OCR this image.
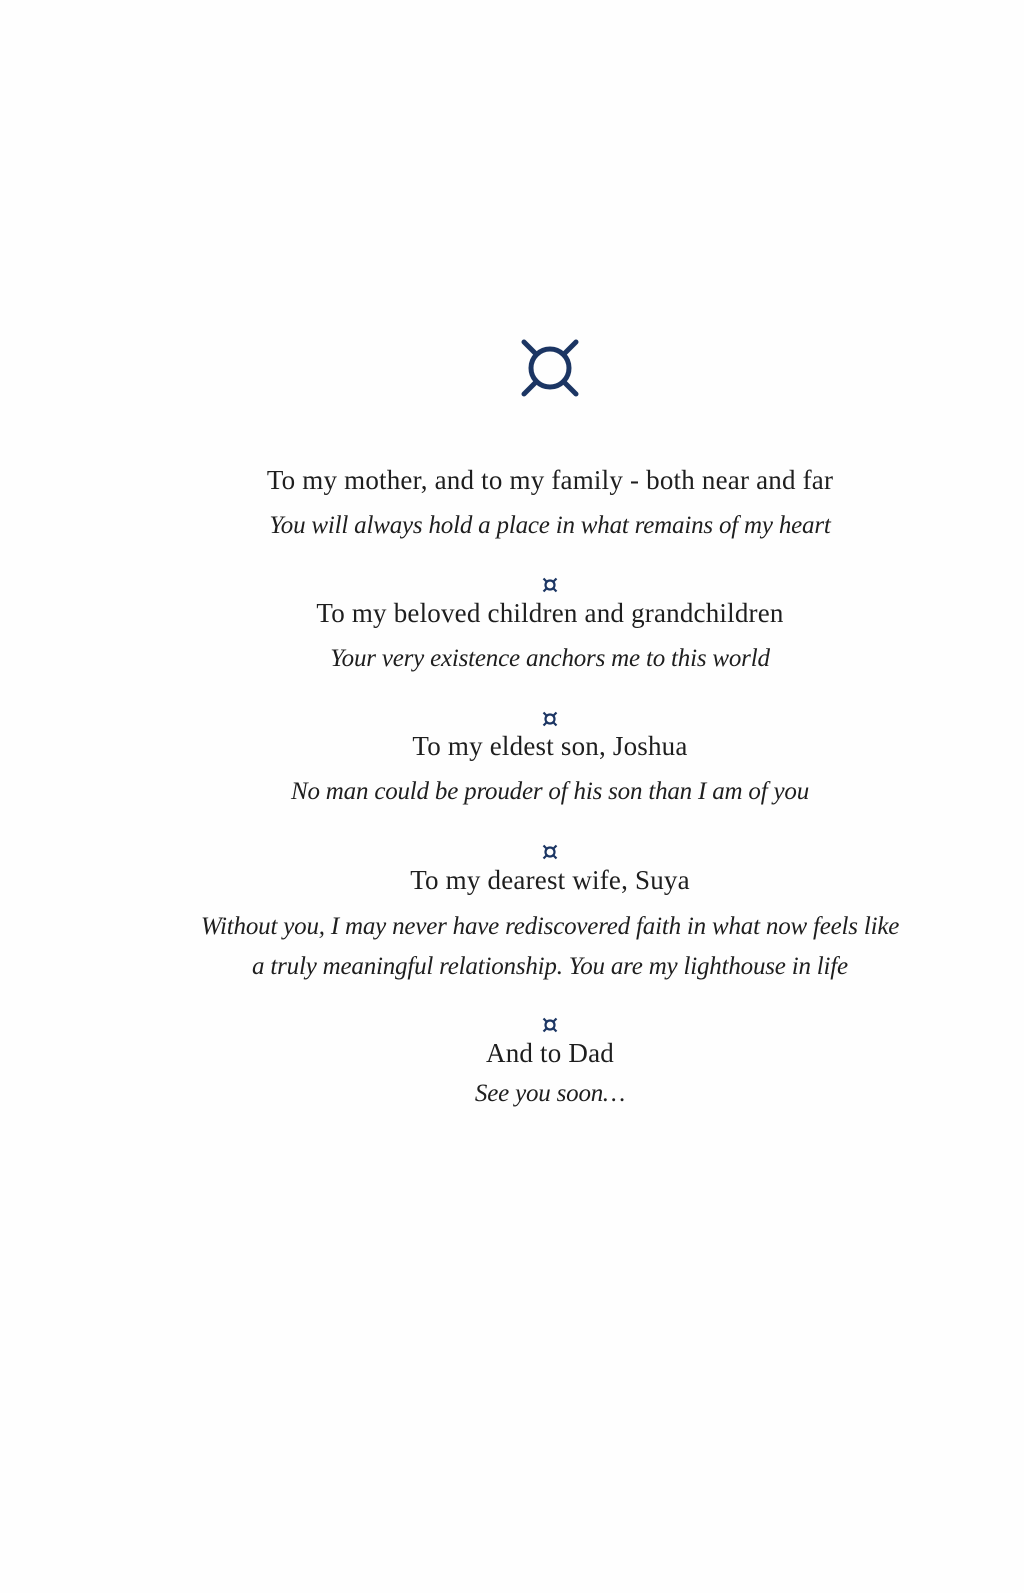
To my mother, and to my family - both near and far
You will always hold a place in what remains of my heart
To my beloved children and grandchildren
Your very existence anchors me to this world
To my eldest son, Joshua
No man could be prouder of his son than I am of you
To my dearest wife, Suya
Without you, I may never have rediscovered faith in what now feels like a truly meaningful relationship. You are my lighthouse in life
And to Dad
See you soon…
